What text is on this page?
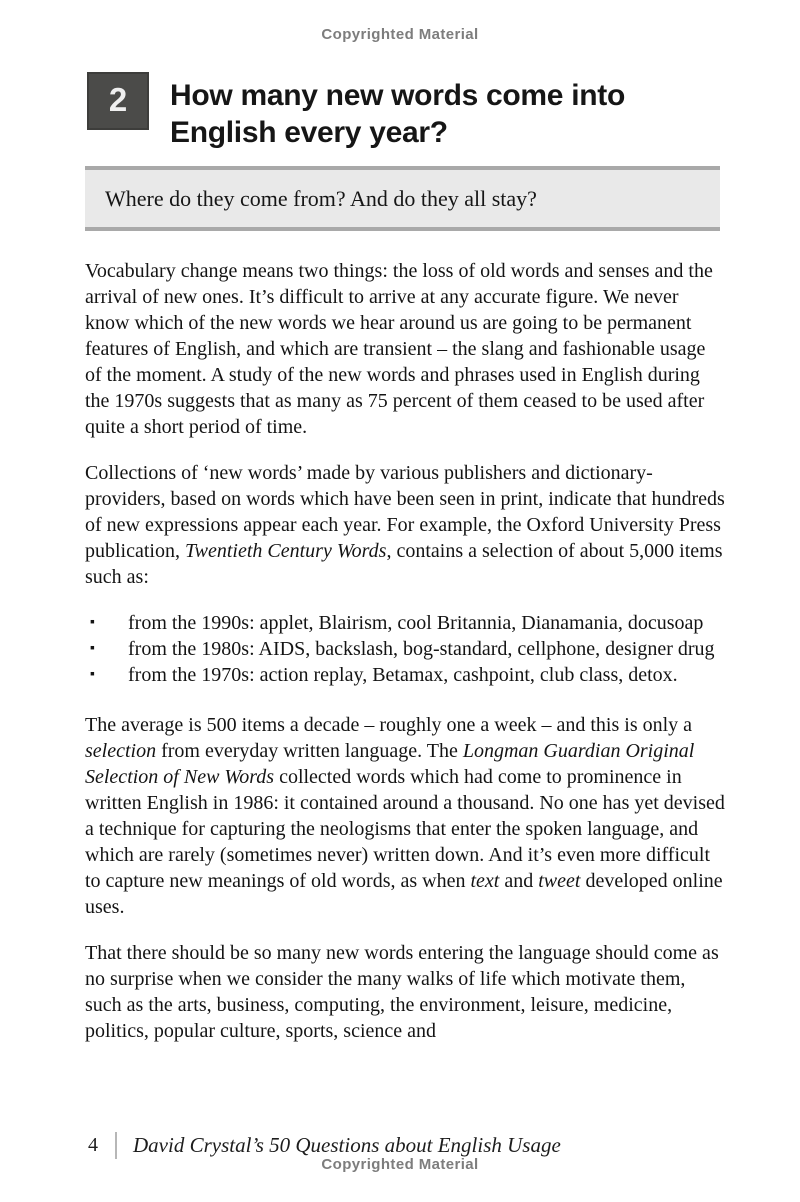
Copyrighted Material
2 How many new words come into
English every year?
Where do they come from? And do they all stay?

Vocabulary change means two things: the loss of old words and senses and the arrival of new ones. It’s difficult to arrive at any accurate figure. We never know which of the new words we hear around us are going to be permanent features of English, and which are transient – the slang and fashionable usage of the moment. A study of the new words and phrases used in English during the 1970s suggests that as many as 75 percent of them ceased to be used after quite a short period of time.

Collections of ‘new words’ made by various publishers and dictionary-providers, based on words which have been seen in print, indicate that hundreds of new expressions appear each year. For example, the Oxford University Press publication, Twentieth Century Words, contains a selection of about 5,000 items such as:

▪	from the 1990s: applet, Blairism, cool Britannia, Dianamania, docusoap
▪	from the 1980s: AIDS, backslash, bog-standard, cellphone, designer drug
▪	from the 1970s: action replay, Betamax, cashpoint, club class, detox.

The average is 500 items a decade – roughly one a week – and this is only a selection from everyday written language. The Longman Guardian Original Selection of New Words collected words which had come to prominence in written English in 1986: it contained around a thousand. No one has yet devised a technique for capturing the neologisms that enter the spoken language, and which are rarely (sometimes never) written down. And it’s even more difficult to capture new meanings of old words, as when text and tweet developed online uses.

That there should be so many new words entering the language should come as no surprise when we consider the many walks of life which motivate them, such as the arts, business, computing, the environment, leisure, medicine, politics, popular culture, sports, science and

4 David Crystal’s 50 Questions about English Usage
Copyrighted Material
